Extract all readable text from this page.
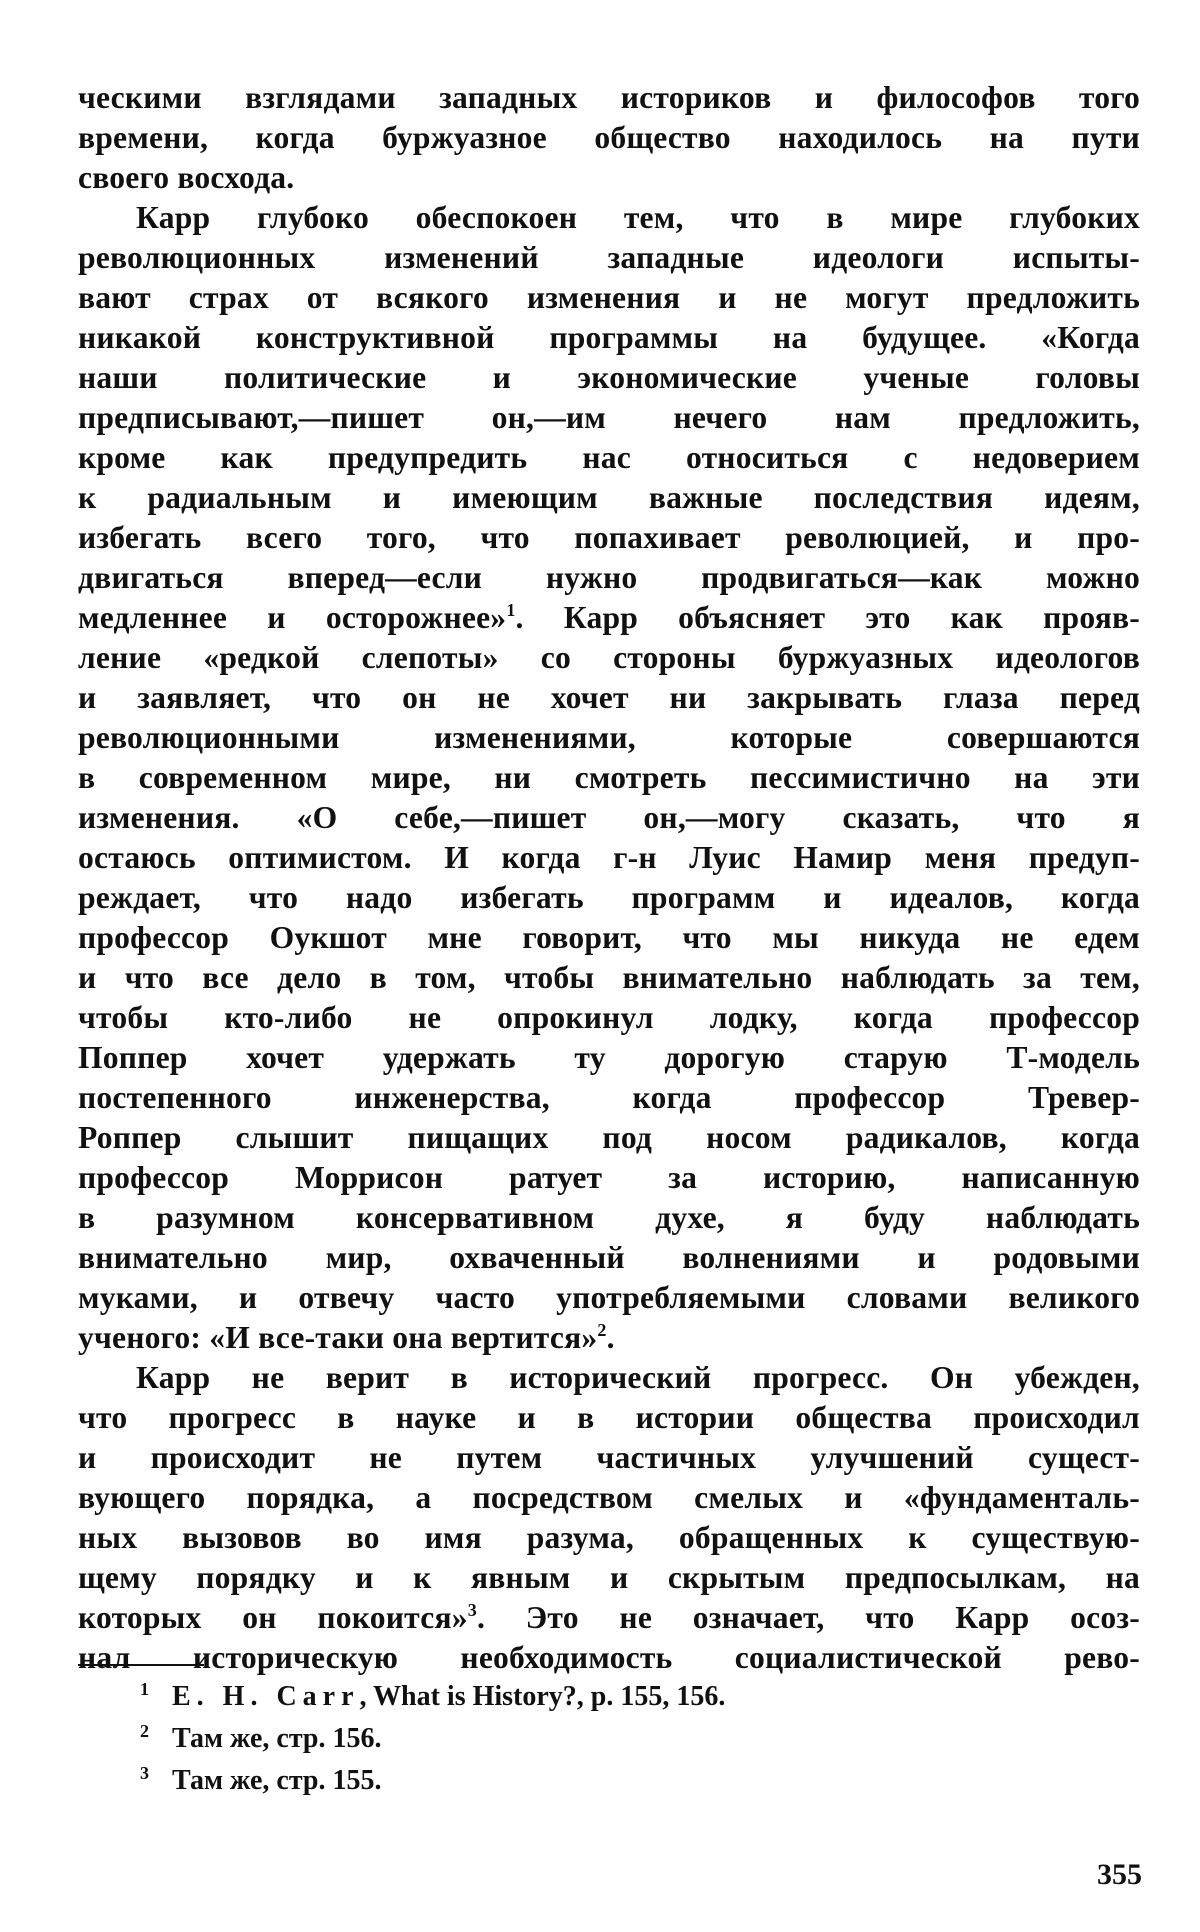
ческими взглядами западных историков и философов того
времени, когда буржуазное общество находилось на пути
своего восхода.
Карр глубоко обеспокоен тем, что в мире глубоких
революционных изменений западные идеологи испыты-
вают страх от всякого изменения и не могут предложить
никакой конструктивной программы на будущее. «Когда
наши политические и экономические ученые головы
предписывают,—пишет он,—им нечего нам предложить,
кроме как предупредить нас относиться с недоверием
к радиальным и имеющим важные последствия идеям,
избегать всего того, что попахивает революцией, и про-
двигаться вперед—если нужно продвигаться—как можно
медленнее и осторожнее»$^1$. Карр объясняет это как прояв-
ление «редкой слепоты» со стороны буржуазных идеологов
и заявляет, что он не хочет ни закрывать глаза перед
революционными изменениями, которые совершаются
в современном мире, ни смотреть пессимистично на эти
изменения. «О себе,—пишет он,—могу сказать, что я
остаюсь оптимистом. И когда г-н Луис Намир меня предуп-
реждает, что надо избегать программ и идеалов, когда
профессор Оукшот мне говорит, что мы никуда не едем
и что все дело в том, чтобы внимательно наблюдать за тем,
чтобы кто-либо не опрокинул лодку, когда профессор
Поппер хочет удержать ту дорогую старую Т-модель
постепенного инженерства, когда профессор Тревер-
Роппер слышит пищащих под носом радикалов, когда
профессор Моррисон ратует за историю, написанную
в разумном консервативном духе, я буду наблюдать
внимательно мир, охваченный волнениями и родовыми
муками, и отвечу часто употребляемыми словами великого
ученого: «И все-таки она вертится»$^2$.
Карр не верит в исторический прогресс. Он убежден,
что прогресс в науке и в истории общества происходил
и происходит не путем частичных улучшений сущест-
вующего порядка, а посредством смелых и «фундаменталь-
ных вызовов во имя разума, обращенных к существую-
щему порядку и к явным и скрытым предпосылкам, на
которых он покоится»$^3$. Это не означает, что Карр осоз-
нал историческую необходимость социалистической рево-
1 E. H. Carr, What is History?, p. 155, 156.
2 Там же, стр. 156.
3 Там же, стр. 155.
355
